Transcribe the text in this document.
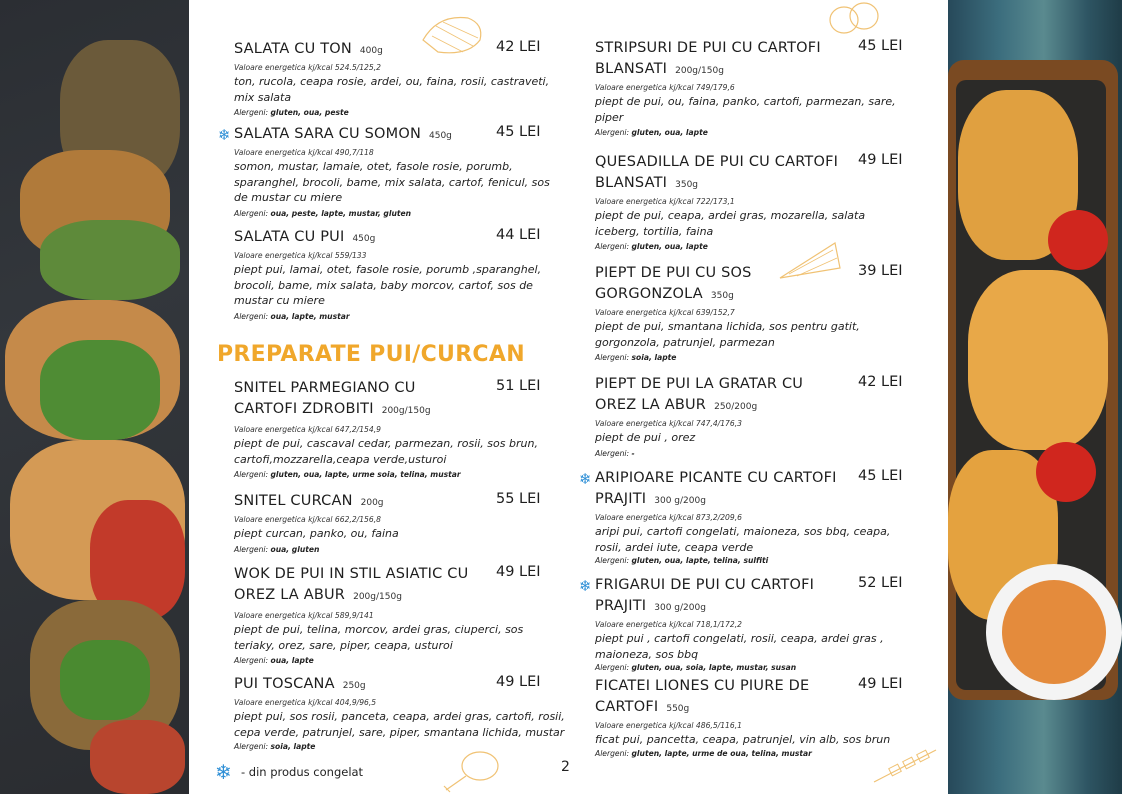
PREPARATE PUI/CURCAN
SALATA CU TON 400g
Valoare energetica kj/kcal 524.5/125,2
ton, rucola, ceapa rosie, ardei, ou, faina, rosii, castraveti, mix salata
Alergeni: gluten, oua, peste
42 LEI
❄ SALATA SARA CU SOMON 450g
Valoare energetica kj/kcal 490,7/118
somon, mustar, lamaie, otet, fasole rosie, porumb, sparanghel, brocoli, bame, mix salata, cartof, fenicul, sos de mustar cu miere
Alergeni: oua, peste, lapte, mustar, gluten
45 LEI
SALATA CU PUI 450g
Valoare energetica kj/kcal 559/133
piept pui, lamai, otet, fasole rosie, porumb ,sparanghel, brocoli, bame, mix salata, baby morcov, cartof, sos de mustar cu miere
Alergeni: oua, lapte, mustar
44 LEI
SNITEL PARMEGIANO CU
CARTOFI ZDROBITI 200g/150g
Valoare energetica kj/kcal 647,2/154,9
piept de pui, cascaval cedar, parmezan, rosii, sos brun, cartofi,mozzarella,ceapa verde,usturoi
Alergeni: gluten, oua, lapte, urme soia, telina, mustar
51 LEI
SNITEL CURCAN 200g
Valoare energetica kj/kcal 662,2/156,8
piept curcan, panko, ou, faina
Alergeni: oua, gluten
55 LEI
WOK DE PUI IN STIL ASIATIC CU
OREZ LA ABUR 200g/150g
Valoare energetica kj/kcal 589,9/141
piept de pui, telina, morcov, ardei gras, ciuperci, sos teriaky, orez, sare, piper, ceapa, usturoi
Alergeni: oua, lapte
49 LEI
PUI TOSCANA 250g
Valoare energetica kj/kcal 404,9/96,5
piept pui, sos rosii, panceta, ceapa, ardei gras, cartofi, rosii, cepa verde, patrunjel, sare, piper, smantana lichida, mustar
Alergeni: soia, lapte
49 LEI
STRIPSURI DE PUI CU CARTOFI
BLANSATI 200g/150g
Valoare energetica kj/kcal 749/179,6
piept de pui, ou, faina, panko, cartofi, parmezan, sare, piper
Alergeni: gluten, oua, lapte
45 LEI
QUESADILLA DE PUI CU CARTOFI
BLANSATI 350g
Valoare energetica kj/kcal 722/173,1
piept de pui, ceapa, ardei gras, mozarella, salata iceberg, tortilia, faina
Alergeni: gluten, oua, lapte
49 LEI
PIEPT DE PUI CU SOS
GORGONZOLA 350g
Valoare energetica kj/kcal 639/152,7
piept de pui, smantana lichida, sos pentru gatit, gorgonzola, patrunjel, parmezan
Alergeni: soia, lapte
39 LEI
PIEPT DE PUI LA GRATAR CU
OREZ LA ABUR 250/200g
Valoare energetica kj/kcal 747,4/176,3
piept de pui , orez
Alergeni: -
42 LEI
❄ ARIPIOARE PICANTE CU CARTOFI
PRAJITI 300 g/200g
Valoare energetica kj/kcal 873,2/209,6
aripi pui, cartofi congelati, maioneza, sos bbq, ceapa, rosii, ardei iute, ceapa verde
Alergeni: gluten, oua, lapte, telina, sulfiti
45 LEI
❄ FRIGARUI DE PUI CU CARTOFI
PRAJITI 300 g/200g
Valoare energetica kj/kcal 718,1/172,2
piept pui , cartofi congelati, rosii, ceapa, ardei gras , maioneza, sos bbq
Alergeni: gluten, oua, soia, lapte, mustar, susan
52 LEI
FICATEI LIONES CU PIURE DE
CARTOFI 550g
Valoare energetica kj/kcal 486,5/116,1
ficat pui, pancetta, ceapa, patrunjel, vin alb, sos brun
Alergeni: gluten, lapte, urme de oua, telina, mustar
49 LEI
❄ - din produs congelat	2
